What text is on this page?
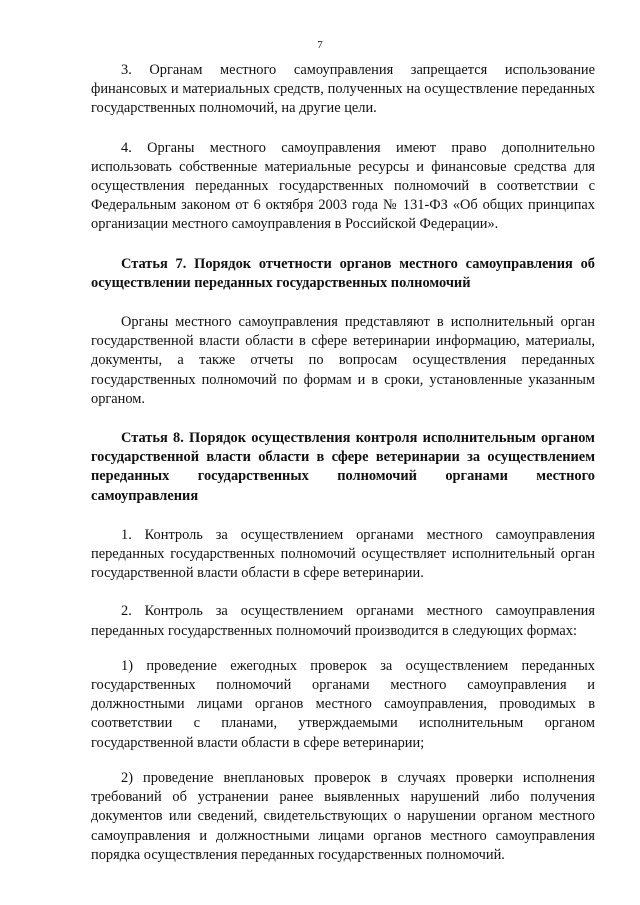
7

3. Органам местного самоуправления запрещается использование финансовых и материальных средств, полученных на осуществление переданных государственных полномочий, на другие цели.

4. Органы местного самоуправления имеют право дополнительно использовать собственные материальные ресурсы и финансовые средства для осуществления переданных государственных полномочий в соответствии с Федеральным законом от 6 октября 2003 года № 131-ФЗ «Об общих принципах организации местного самоуправления в Российской Федерации».

Статья 7. Порядок отчетности органов местного самоуправления об осуществлении переданных государственных полномочий

Органы местного самоуправления представляют в исполнительный орган государственной власти области в сфере ветеринарии информацию, материалы, документы, а также отчеты по вопросам осуществления переданных государственных полномочий по формам и в сроки, установленные указанным органом.

Статья 8. Порядок осуществления контроля исполнительным органом государственной власти области в сфере ветеринарии за осуществлением переданных государственных полномочий органами местного самоуправления

1. Контроль за осуществлением органами местного самоуправления переданных государственных полномочий осуществляет исполнительный орган государственной власти области в сфере ветеринарии.

2. Контроль за осуществлением органами местного самоуправления переданных государственных полномочий производится в следующих формах:

1) проведение ежегодных проверок за осуществлением переданных государственных полномочий органами местного самоуправления и должностными лицами органов местного самоуправления, проводимых в соответствии с планами, утверждаемыми исполнительным органом государственной власти области в сфере ветеринарии;

2) проведение внеплановых проверок в случаях проверки исполнения требований об устранении ранее выявленных нарушений либо получения документов или сведений, свидетельствующих о нарушении органом местного самоуправления и должностными лицами органов местного самоуправления порядка осуществления переданных государственных полномочий.
